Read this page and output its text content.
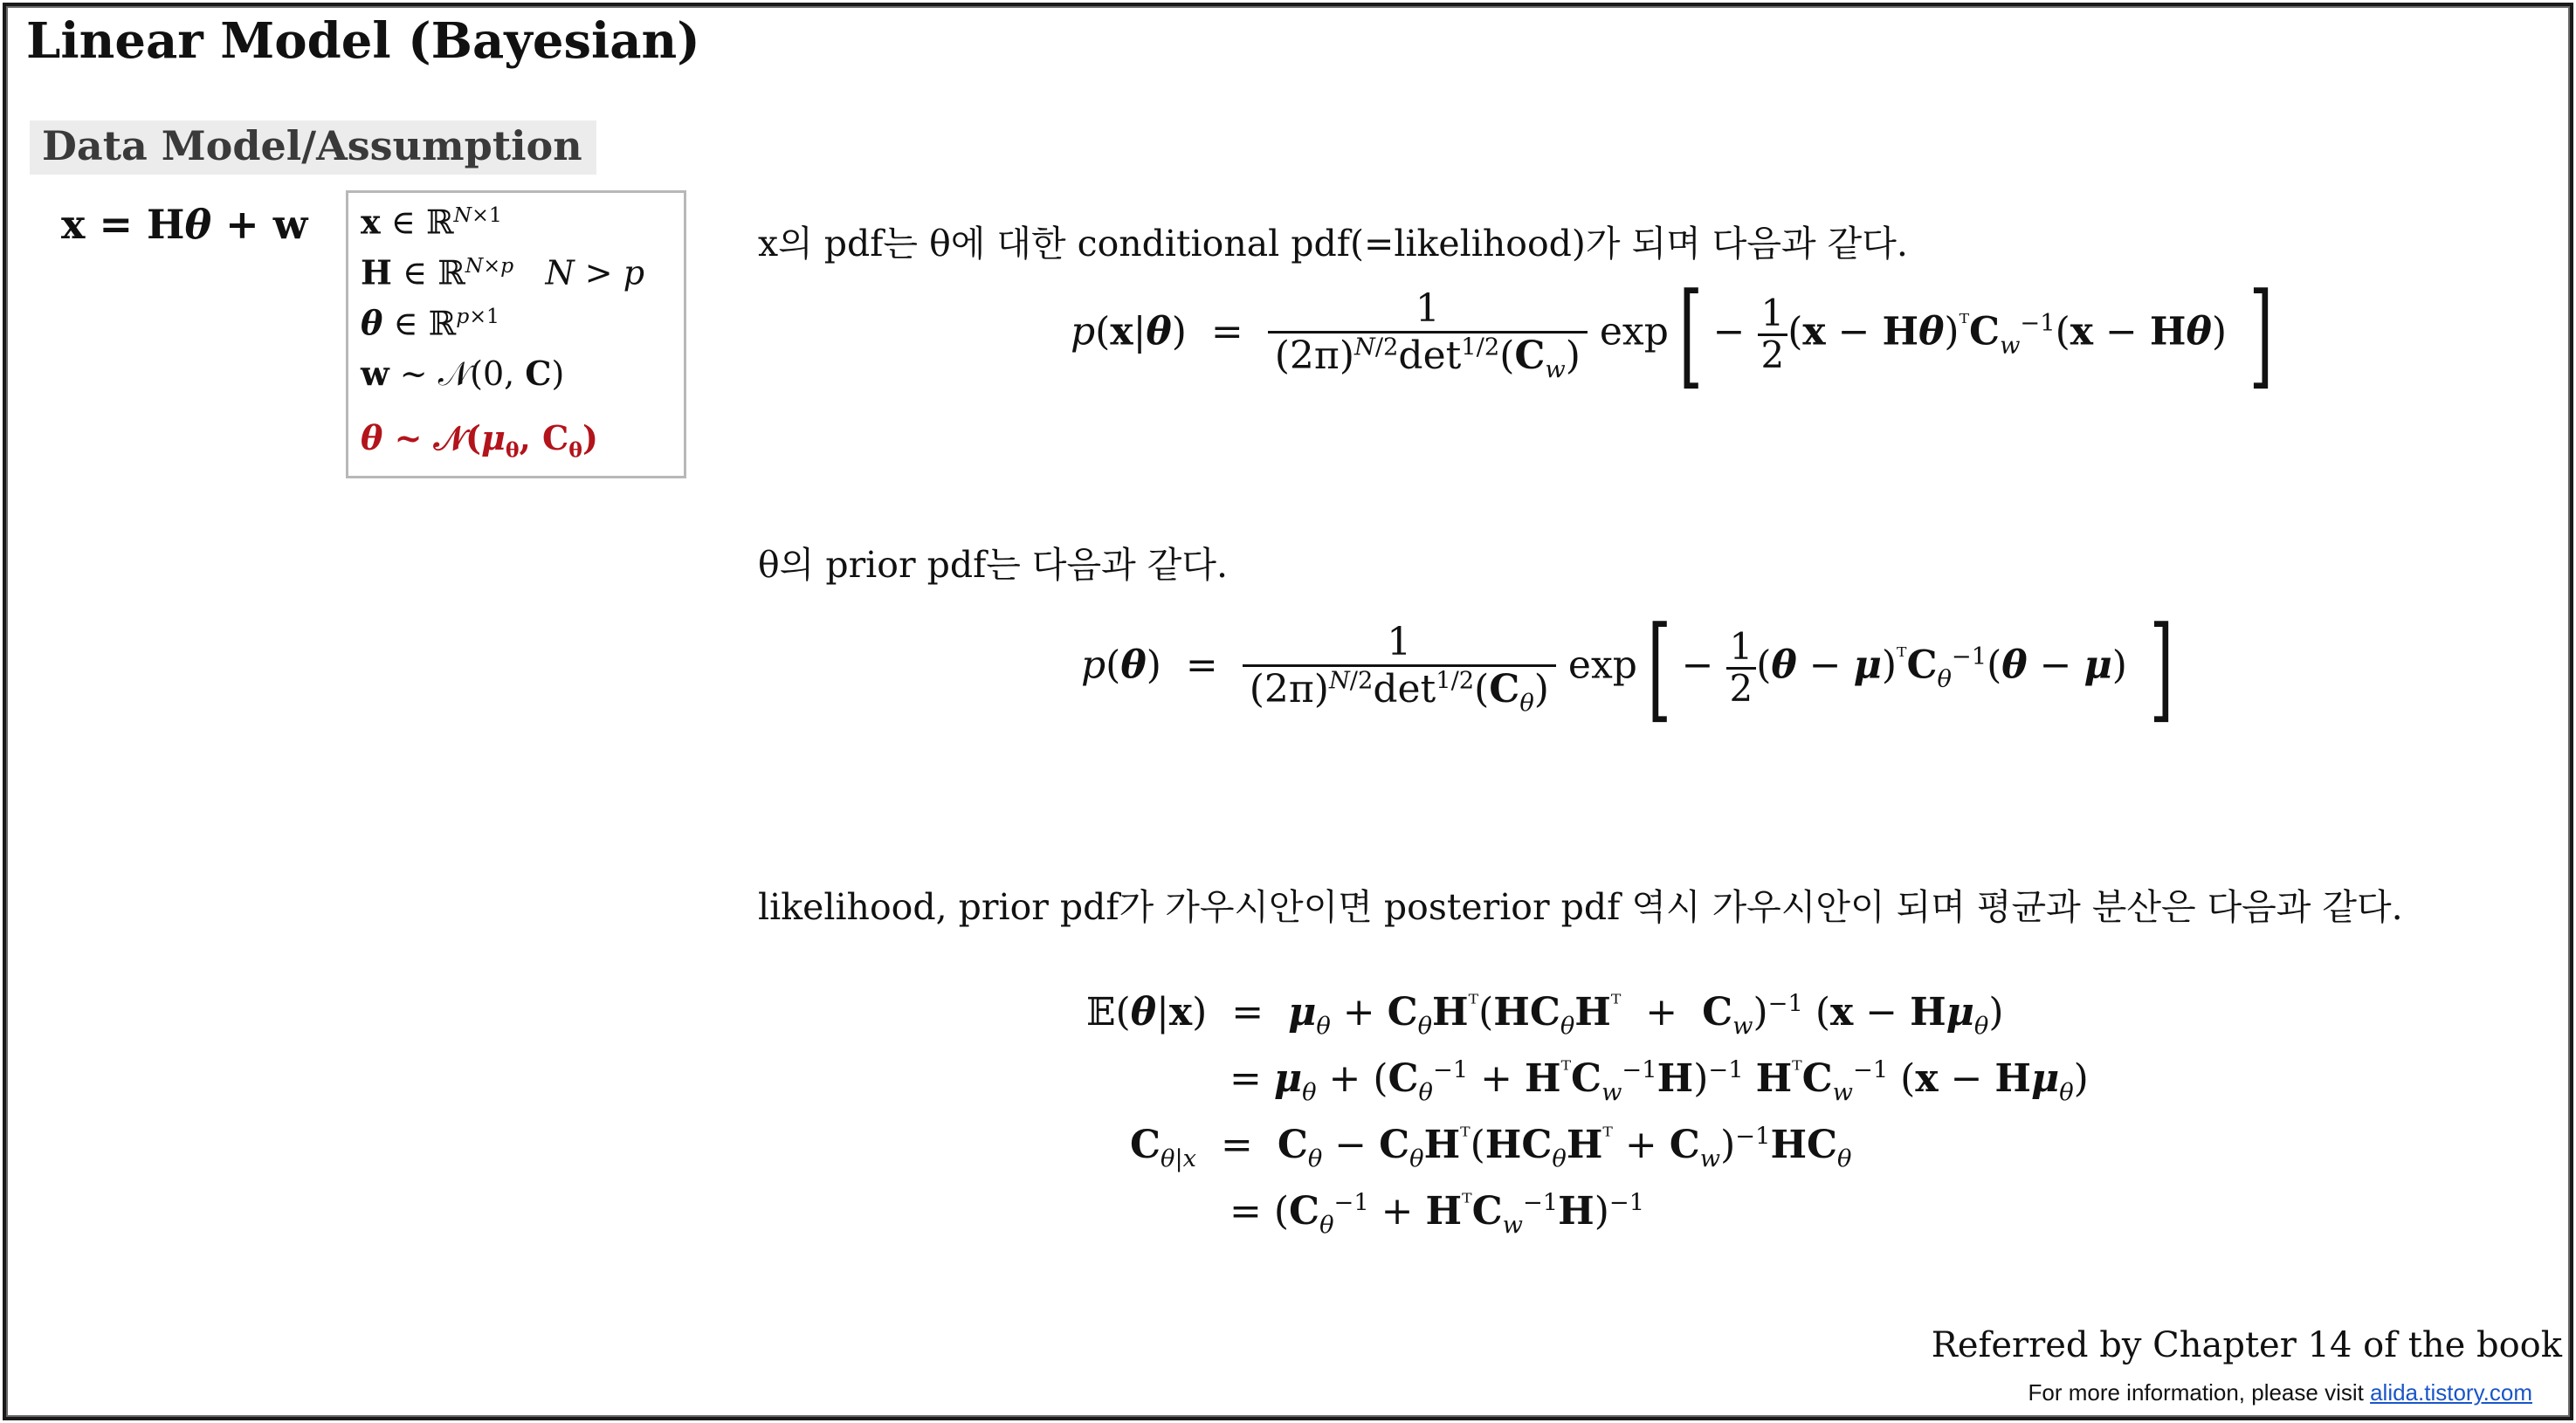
Linear Model (Bayesian)
Data Model/Assumption
x = Hθ + w x ∈ ℝ$^{N\times 1}$
H ∈ ℝ$^{N\times p}$ N > p
θ ∈ ℝ$^{p\times 1}$
w ~ 𝒩(0, C)
θ ~ $𝒩(\mu_\theta$, $C_\theta$)
x의 pdf는 θ에 대한 conditional pdf(=likelihood)가 되며 다음과 같다.
$p(x|\theta) = \frac{1}{(2\pi)^{N/2}\det^{1/2}(C_w)} \exp[ - \frac{1}{2} (x - H\theta)^ᵀC_w^{-1}(x - H\theta)$ ]
θ의 prior pdf는 다음과 같다.
$p(\theta) = \frac{1}{(2\pi)^{N/2}\det^{1/2}(C_\theta)} \exp[ - \frac{1}{2} (\theta - \mu)^ᵀC_\theta^{-1}(\theta - \mu)$ ]
likelihood, prior pdf가 가우시안이면 posterior pdf 역시 가우시안이 되며 평균과 분산은 다음과 같다.
𝔼(θ|x)  =  $\mu_\theta + C_\theta H^ᵀ(HC_\theta H^ᵀ + C_w)^{-1}$ $(x - H\mu_\theta)$
= $\mu_\theta + (C_\theta^{-1} + H^ᵀC_w^{-1}H)^{-1}$ $H^ᵀC_w^{-1}$ $(x - H\mu_\theta)$
$C_{\theta|x} = C_\theta - C_\theta H^ᵀ(HC_\theta H^ᵀ + C_w)^{-1}HC_\theta$
= $(C_\theta^{-1} + H^ᵀC_w^{-1}H)^{-1}$
Referred by Chapter 14 of the book
For more information, please visit alida.tistory.com
